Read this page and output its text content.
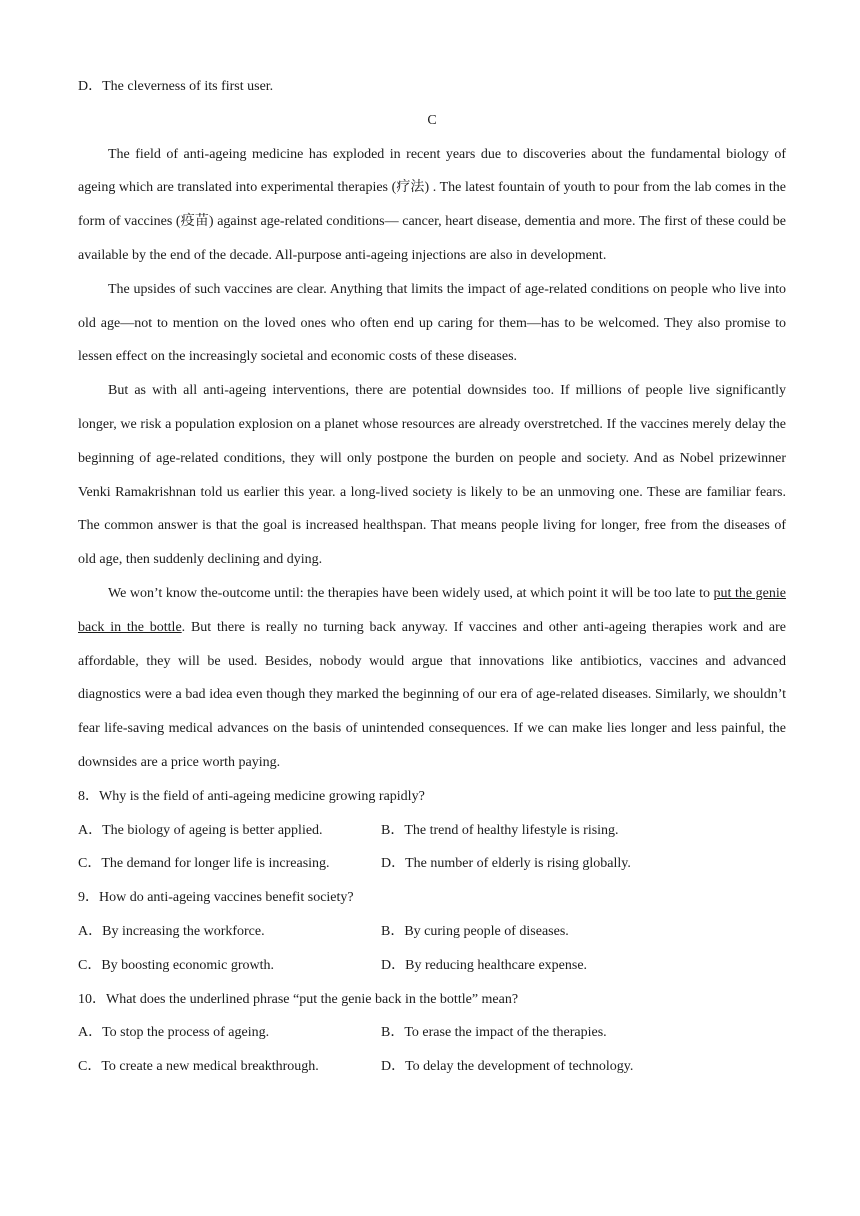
D．The cleverness of its first user.
C

The field of anti-ageing medicine has exploded in recent years due to discoveries about the fundamental biology of ageing which are translated into experimental therapies (疗法) . The latest fountain of youth to pour from the lab comes in the form of vaccines (疫苗) against age-related conditions— cancer, heart disease, dementia and more. The first of these could be available by the end of the decade. All-purpose anti-ageing injections are also in development.

The upsides of such vaccines are clear. Anything that limits the impact of age-related conditions on people who live into old age—not to mention on the loved ones who often end up caring for them—has to be welcomed. They also promise to lessen effect on the increasingly societal and economic costs of these diseases.

But as with all anti-ageing interventions, there are potential downsides too. If millions of people live significantly longer, we risk a population explosion on a planet whose resources are already overstretched. If the vaccines merely delay the beginning of age-related conditions, they will only postpone the burden on people and society. And as Nobel prizewinner Venki Ramakrishnan told us earlier this year. a long-lived society is likely to be an unmoving one. These are familiar fears. The common answer is that the goal is increased healthspan. That means people living for longer, free from the diseases of old age, then suddenly declining and dying.

We won’t know the-outcome until: the therapies have been widely used, at which point it will be too late to put the genie back in the bottle. But there is really no turning back anyway. If vaccines and other anti-ageing therapies work and are affordable, they will be used. Besides, nobody would argue that innovations like antibiotics, vaccines and advanced diagnostics were a bad idea even though they marked the beginning of our era of age-related diseases. Similarly, we shouldn’t fear life-saving medical advances on the basis of unintended consequences. If we can make lies longer and less painful, the downsides are a price worth paying.

8．Why is the field of anti-ageing medicine growing rapidly?
A．The biology of ageing is better applied.	B．The trend of healthy lifestyle is rising.
C．The demand for longer life is increasing.	D．The number of elderly is rising globally.
9．How do anti-ageing vaccines benefit society?
A．By increasing the workforce.	B．By curing people of diseases.
C．By boosting economic growth.	D．By reducing healthcare expense.
10．What does the underlined phrase “put the genie back in the bottle” mean?
A．To stop the process of ageing.	B．To erase the impact of the therapies.
C．To create a new medical breakthrough.	D．To delay the development of technology.
